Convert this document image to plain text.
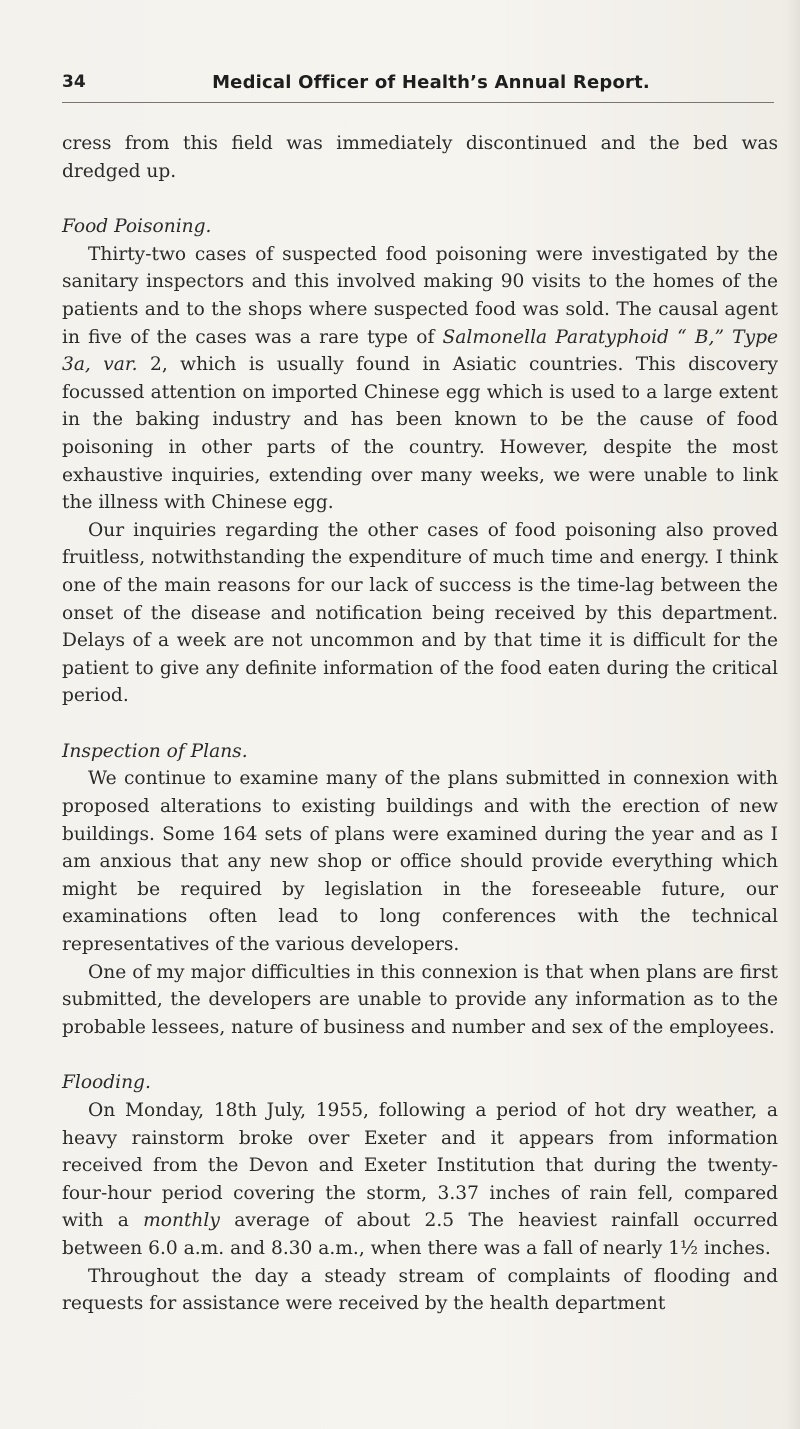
34	Medical Officer of Health’s Annual Report.

cress from this field was immediately discontinued and the bed was dredged up.

Food Poisoning.

Thirty-two cases of suspected food poisoning were investigated by the sanitary inspectors and this involved making 90 visits to the homes of the patients and to the shops where suspected food was sold. The causal agent in five of the cases was a rare type of Salmonella Paratyphoid “ B,” Type 3a, var. 2, which is usually found in Asiatic countries. This discovery focussed attention on imported Chinese egg which is used to a large extent in the baking industry and has been known to be the cause of food poisoning in other parts of the country. However, despite the most exhaustive inquiries, extending over many weeks, we were unable to link the illness with Chinese egg.

Our inquiries regarding the other cases of food poisoning also proved fruitless, notwithstanding the expenditure of much time and energy. I think one of the main reasons for our lack of success is the time-lag between the onset of the disease and notification being received by this department. Delays of a week are not uncommon and by that time it is difficult for the patient to give any definite information of the food eaten during the critical period.

Inspection of Plans.

We continue to examine many of the plans submitted in connexion with proposed alterations to existing buildings and with the erection of new buildings. Some 164 sets of plans were examined during the year and as I am anxious that any new shop or office should provide everything which might be required by legislation in the foreseeable future, our examinations often lead to long conferences with the technical representatives of the various developers.

One of my major difficulties in this connexion is that when plans are first submitted, the developers are unable to provide any information as to the probable lessees, nature of business and number and sex of the employees.

Flooding.

On Monday, 18th July, 1955, following a period of hot dry weather, a heavy rainstorm broke over Exeter and it appears from information received from the Devon and Exeter Institution that during the twenty-four-hour period covering the storm, 3.37 inches of rain fell, compared with a monthly average of about 2.5 The heaviest rainfall occurred between 6.0 a.m. and 8.30 a.m., when there was a fall of nearly 1½ inches.

Throughout the day a steady stream of complaints of flooding and requests for assistance were received by the health department
